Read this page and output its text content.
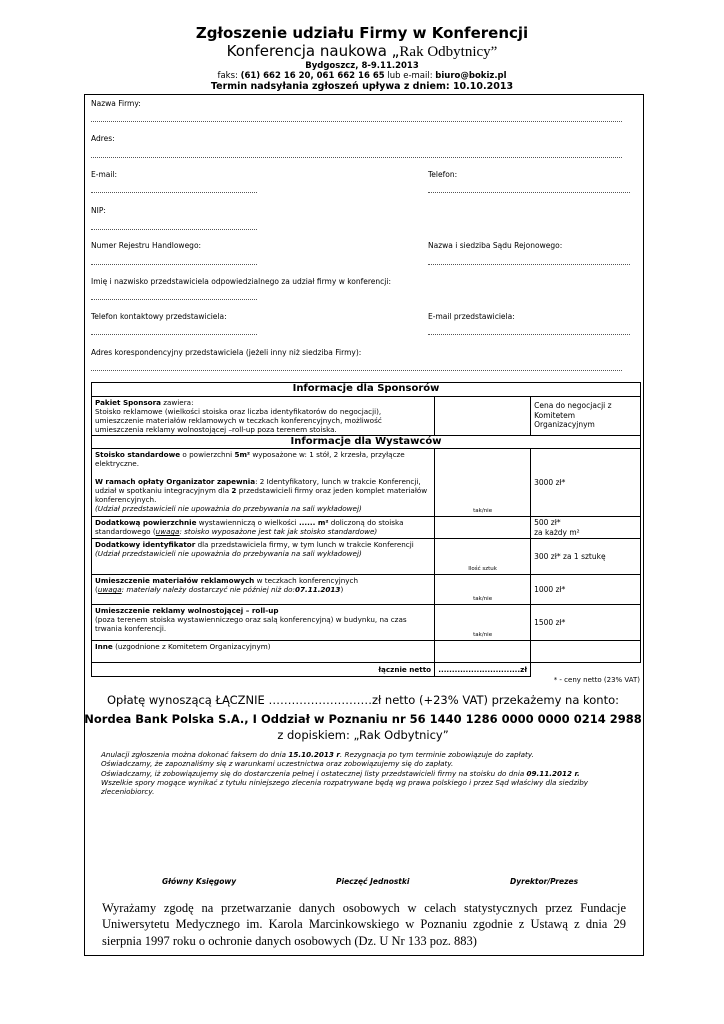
Zgłoszenie udziału Firmy w Konferencji
Konferencja naukowa „Rak Odbytnicy”
Bydgoszcz, 8-9.11.2013
faks: (61) 662 16 20, 061 662 16 65 lub e-mail: biuro@bokiz.pl
Termin nadsyłania zgłoszeń upływa z dniem: 10.10.2013
Nazwa Firmy:
Adres:
E-mail:	Telefon:
NIP:
Numer Rejestru Handlowego:	Nazwa i siedziba Sądu Rejonowego:
Imię i nazwisko przedstawiciela odpowiedzialnego za udział firmy w konferencji:
Telefon kontaktowy przedstawiciela:	E-mail przedstawiciela:
Adres korespondencyjny przedstawiciela (jeżeli inny niż siedziba Firmy):
Informacje dla Sponsorów		
Pakiet Sponsora zawiera:
Stoisko reklamowe (wielkości stoiska oraz liczba identyfikatorów do negocjacji), umieszczenie materiałów reklamowych w teczkach konferencyjnych, możliwość umieszczenia reklamy wolnostojącej –roll-up poza terenem stoiska.		Cena do negocjacji z Komitetem Organizacyjnym
Informacje dla Wystawców		
Stoisko standardowe o powierzchni 5m² wyposażone w: 1 stół, 2 krzesła, przyłącze elektryczne.

W ramach opłaty Organizator zapewnia: 2 Identyfikatory, lunch w trakcie Konferencji, udział w spotkaniu integracyjnym dla 2 przedstawicieli firmy oraz jeden komplet materiałów konferencyjnych.
(Udział przedstawicieli nie upoważnia do przebywania na sali wykładowej)	tak/nie	3000 zł*
Dodatkową powierzchnie wystawienniczą o wielkości ...... m² doliczoną do stoiska standardowego (uwaga: stoisko wyposażone jest tak jak stoisko standardowe)		500 zł*
za każdy m²
Dodatkowy identyfikator dla przedstawiciela firmy, w tym lunch w trakcie Konferencji
(Udział przedstawicieli nie upoważnia do przebywania na sali wykładowej)	Ilość sztuk	300 zł* za 1 sztukę
Umieszczenie materiałów reklamowych w teczkach konferencyjnych
(uwaga: materiały należy dostarczyć nie później niż do:07.11.2013)	tak/nie	1000 zł*
Umieszczenie reklamy wolnostojącej – roll-up
(poza terenem stoiska wystawienniczego oraz salą konferencyjną) w budynku, na czas trwania konferencji.	tak/nie	1500 zł*
Inne (uzgodnione z Komitetem Organizacyjnym)		
łącznie netto	..............................zł	
* - ceny netto (23% VAT)
Opłatę wynoszącą ŁĄCZNIE ………………………zł netto (+23% VAT) przekażemy na konto:
Nordea Bank Polska S.A., I Oddział w Poznaniu nr 56 1440 1286 0000 0000 0214 2988
z dopiskiem: „Rak Odbytnicy”
Anulacji zgłoszenia można dokonać faksem do dnia 15.10.2013 r. Rezygnacja po tym terminie zobowiązuje do zapłaty.
Oświadczamy, że zapoznaliśmy się z warunkami uczestnictwa oraz zobowiązujemy się do zapłaty.
Oświadczamy, iż zobowiązujemy się do dostarczenia pełnej i ostatecznej listy przedstawicieli firmy na stoisku do dnia 09.11.2012 r.
Wszelkie spory mogące wynikać z tytułu niniejszego zlecenia rozpatrywane będą wg prawa polskiego i przez Sąd właściwy dla siedziby zleceniobiorcy.
Główny Księgowy	Pieczęć Jednostki	Dyrektor/Prezes
Wyrażamy zgodę na przetwarzanie danych osobowych w celach statystycznych przez Fundacje Uniwersytetu Medycznego im. Karola Marcinkowskiego w Poznaniu zgodnie z Ustawą z dnia 29 sierpnia 1997 roku o ochronie danych osobowych (Dz. U Nr 133 poz. 883)
